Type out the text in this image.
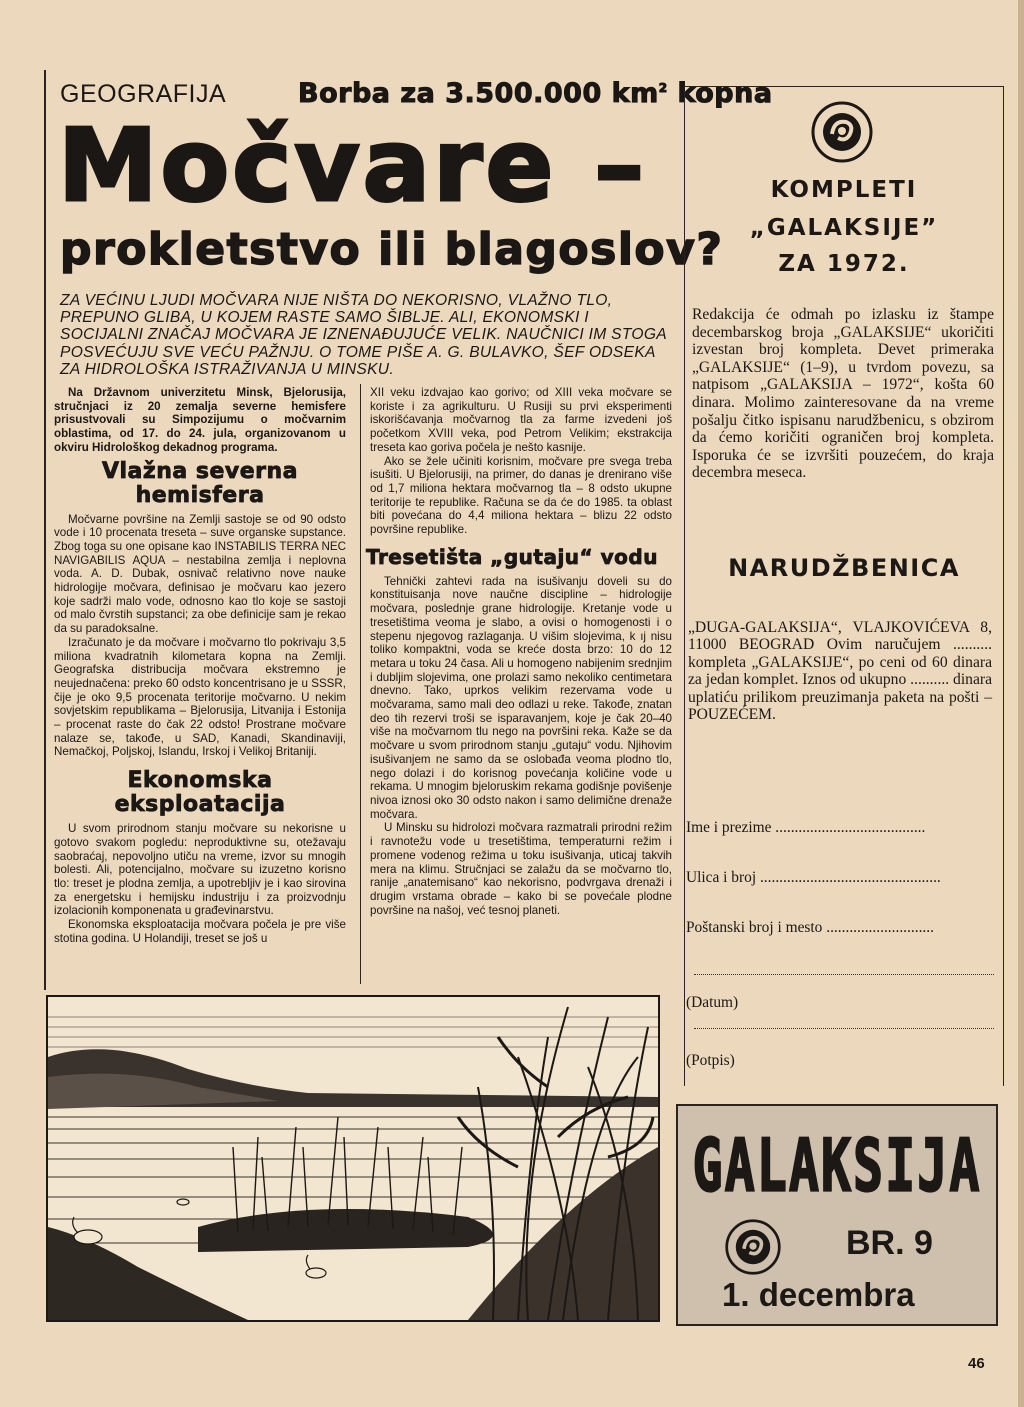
GEOGRAFIJA	Borba za 3.500.000 $km^2$ kopna
Močvare –
prokletstvo ili blagoslov?
ZA VEĆINU LJUDI MOČVARA NIJE NIŠTA DO NEKORISNO, VLAŽNO TLO, PREPUNO GLIBA, U KOJEM RASTE SAMO ŠIBLJE. ALI, EKONOMSKI I SOCIJALNI ZNAČAJ MOČVARA JE IZNENAĐUJUĆE VELIK. NAUČNICI IM STOGA POSVEĆUJU SVE VEĆU PAŽNJU. O TOME PIŠE A. G. BULAVKO, ŠEF ODSEKA ZA HIDROLOŠKA ISTRAŽIVANJA U MINSKU.

Na Državnom univerzitetu Minsk, Bjelorusija, stručnjaci iz 20 zemalja severne hemisfere prisustvovali su Simpozijumu o močvarnim oblastima, od 17. do 24. jula, organizovanom u okviru Hidrološkog dekadnog programa.

Vlažna severna hemisfera

Močvarne površine na Zemlji sastoje se od 90 odsto vode i 10 procenata treseta – suve organske supstance. Zbog toga su one opisane kao INSTABILIS TERRA NEC NAVIGABILIS AQUA – nestabilna zemlja i neplovna voda. A. D. Dubak, osnivač relativno nove nauke hidrologije močvara, definisao je močvaru kao jezero koje sadrži malo vode, odnosno kao tlo koje se sastoji od malo čvrstih supstanci; za obe definicije sam je rekao da su paradoksalne.

Izračunato je da močvare i močvarno tlo pokrivaju 3,5 miliona kvadratnih kilometara kopna na Zemlji. Geografska distribucija močvara ekstremno je neujednačena: preko 60 odsto koncentrisano je u SSSR, čije je oko 9,5 procenata teritorije močvarno. U nekim sovjetskim republikama – Bjelorusija, Litvanija i Estonija – procenat raste do čak 22 odsto! Prostrane močvare nalaze se, takođe, u SAD, Kanadi, Skandinaviji, Nemačkoj, Poljskoj, Islandu, Irskoj i Velikoj Britaniji.

Ekonomska eksploatacija

U svom prirodnom stanju močvare su nekorisne u gotovo svakom pogledu: neproduktivne su, otežavaju saobraćaj, nepovoljno utiču na vreme, izvor su mnogih bolesti. Ali, potencijalno, močvare su izuzetno korisno tlo: treset je plodna zemlja, a upotrebljiv je i kao sirovina za energetsku i hemijsku industriju i za proizvodnju izolacionih komponenata u građevinarstvu.

Ekonomska eksploatacija močvara počela je pre više stotina godina. U Holandiji, treset se još u

XII veku izdvajao kao gorivo; od XIII veka močvare se koriste i za agrikulturu. U Rusiji su prvi eksperimenti iskorišćavanja močvarnog tla za farme izvedeni još početkom XVIII veka, pod Petrom Velikim; ekstrakcija treseta kao goriva počela je nešto kasnije.

Ako se žele učiniti korisnim, močvare pre svega treba isušiti. U Bjelorusiji, na primer, do danas je drenirano više od 1,7 miliona hektara močvarnog tla – 8 odsto ukupne teritorije te republike. Računa se da će do 1985. ta oblast biti povećana do 4,4 miliona hektara – blizu 22 odsto površine republike.

Tresetišta „gutaju“ vodu

Tehnički zahtevi rada na isušivanju doveli su do konstituisanja nove naučne discipline – hidrologije močvara, poslednje grane hidrologije. Kretanje vode u tresetištima veoma je slabo, a ovisi o homogenosti i o stepenu njegovog razlaganja. U višim slojevima, k ıj nisu toliko kompaktni, voda se kreće dosta brzo: 10 do 12 metara u toku 24 časa. Ali u homogeno nabijenim srednjim i dubljim slojevima, one prolazi samo nekoliko centimetara dnevno. Tako, uprkos velikim rezervama vode u močvarama, samo mali deo odlazi u reke. Takođe, znatan deo tih rezervi troši se isparavanjem, koje je čak 20–40 više na močvarnom tlu nego na površini reka. Kaže se da močvare u svom prirodnom stanju „gutaju“ vodu. Njihovim isušivanjem ne samo da se oslobađa veoma plodno tlo, nego dolazi i do korisnog povećanja količine vode u rekama. U mnogim bjeloruskim rekama godišnje povišenje nivoa iznosi oko 30 odsto nakon i samo delimične drenaže močvara.

U Minsku su hidrolozi močvara razmatrali prirodni režim i ravnotežu vode u tresetištima, temperaturni režim i promene vodenog režima u toku isušivanja, uticaj takvih mera na klimu. Stručnjaci se zalažu da se močvarno tlo, ranije „anatemisano“ kao nekorisno, podvrgava drenaži i drugim vrstama obrade – kako bi se povećale plodne površine na našoj, već tesnoj planeti.

KOMPLETI
„GALAKSIJE”
ZA 1972.
Redakcija će odmah po izlasku iz štampe decembarskog broja „GALAKSIJE“ ukoričiti izvestan broj kompleta. Devet primeraka „GALAKSIJE“ (1–9), u tvrdom povezu, sa natpisom „GALAKSIJA – 1972“, košta 60 dinara. Molimo zainteresovane da na vreme pošalju čitko ispisanu narudžbenicu, s obzirom da ćemo koričiti ograničen broj kompleta. Isporuka će se izvršiti pouzećem, do kraja decembra meseca.
NARUDŽBENICA
„DUGA-GALAKSIJA“, VLAJKOVIĆEVA 8, 11000 BEOGRAD Ovim naručujem .......... kompleta „GALAKSIJE“, po ceni od 60 dinara za jedan komplet. Iznos od ukupno .......... dinara uplatiću prilikom preuzimanja paketa na pošti – POUZEĆEM.
Ime i prezime .......................................
Ulica i broj ...............................................
Poštanski broj i mesto ............................
(Datum)
(Potpis)
GALAKSIJA
BR. 9
1. decembra
46
